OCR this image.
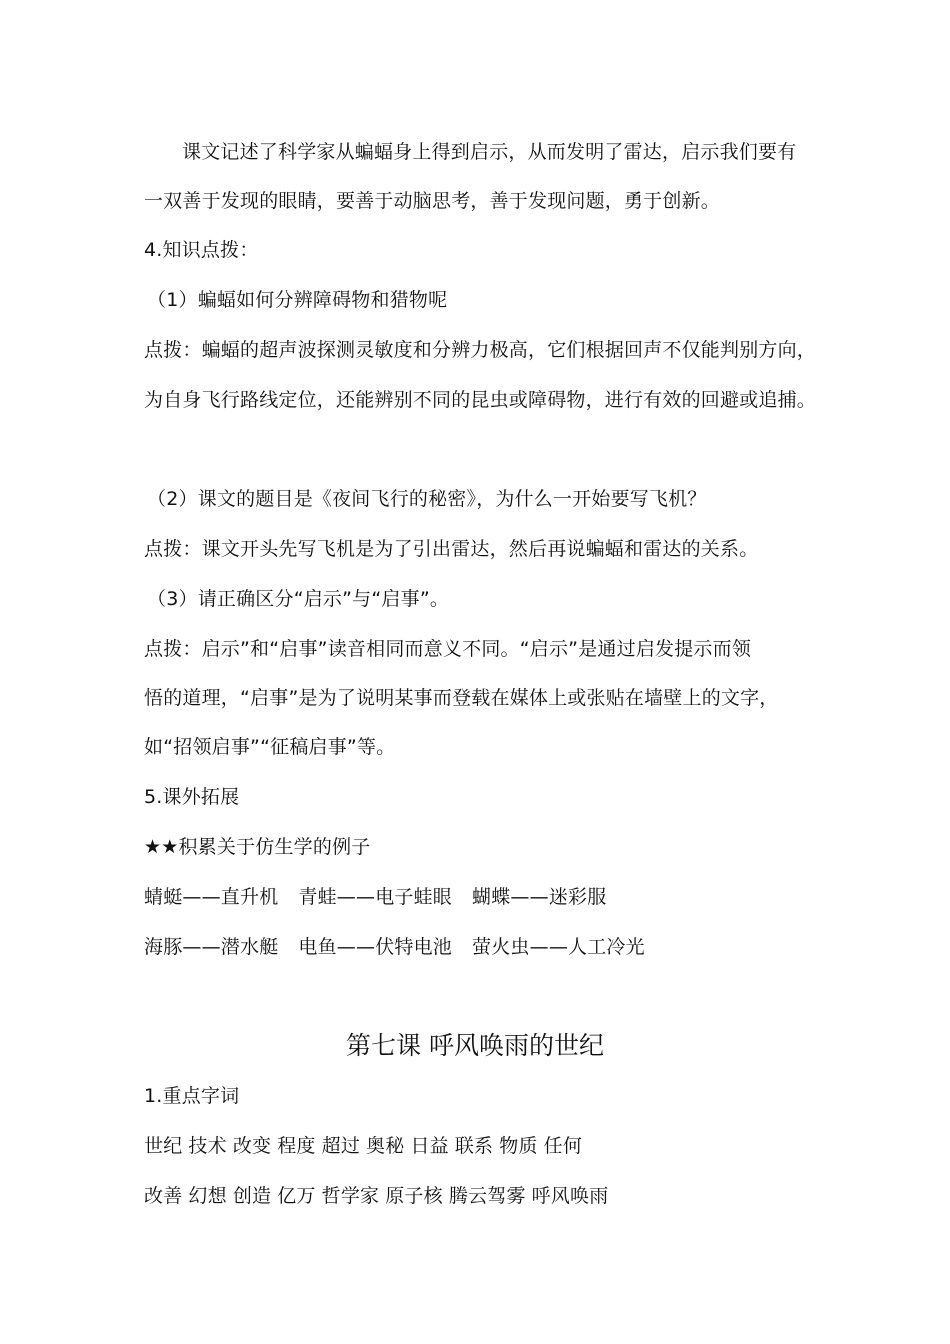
课文记述了科学家从蝙蝠身上得到启示，从而发明了雷达，启示我们要有
一双善于发现的眼睛，要善于动脑思考，善于发现问题，勇于创新。
4.知识点拨：
（1）蝙蝠如何分辨障碍物和猎物呢
点拨：蝙蝠的超声波探测灵敏度和分辨力极高，它们根据回声不仅能判别方向，
为自身飞行路线定位，还能辨别不同的昆虫或障碍物，进行有效的回避或追捕。
（2）课文的题目是《夜间飞行的秘密》，为什么一开始要写飞机？
点拨：课文开头先写飞机是为了引出雷达，然后再说蝙蝠和雷达的关系。
（3）请正确区分“启示”与“启事”。
点拨：启示”和“启事”读音相同而意义不同。“启示”是通过启发提示而领
悟的道理，“启事”是为了说明某事而登载在媒体上或张贴在墙壁上的文字，
如“招领启事”“征稿启事”等。
5.课外拓展
★★积累关于仿生学的例子
蜻蜓——直升机 青蛙——电子蛙眼 蝴蝶——迷彩服
海豚——潜水艇 电鱼——伏特电池 萤火虫——人工冷光
第七课 呼风唤雨的世纪
1.重点字词
世纪 技术 改变 程度 超过 奥秘 日益 联系 物质 任何
改善 幻想 创造 亿万 哲学家 原子核 腾云驾雾 呼风唤雨
